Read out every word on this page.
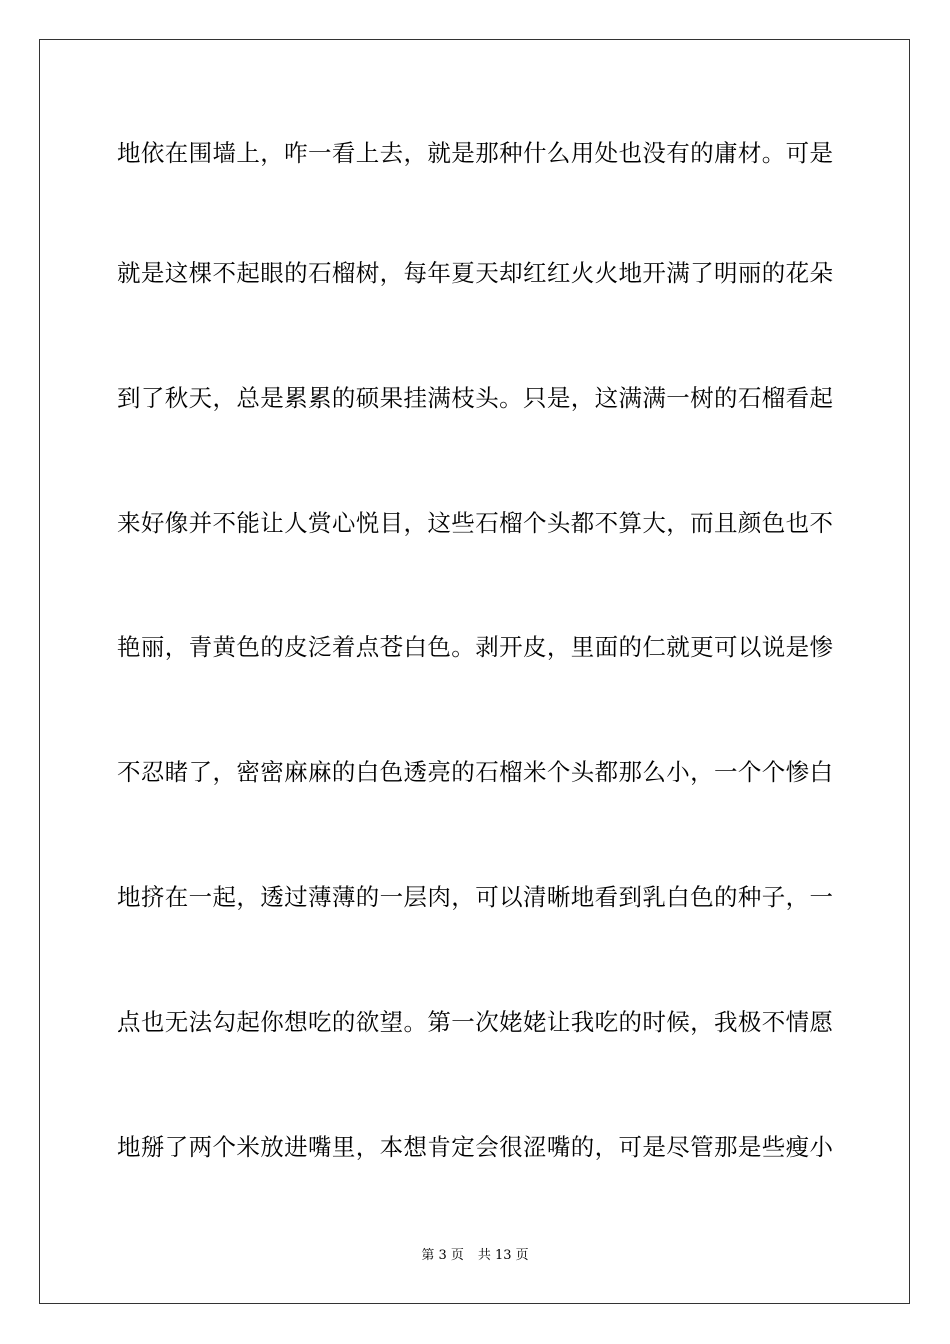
地依在围墙上，咋一看上去，就是那种什么用处也没有的庸材。可是
就是这棵不起眼的石榴树，每年夏天却红红火火地开满了明丽的花朵
到了秋天，总是累累的硕果挂满枝头。只是，这满满一树的石榴看起
来好像并不能让人赏心悦目，这些石榴个头都不算大，而且颜色也不
艳丽，青黄色的皮泛着点苍白色。剥开皮，里面的仁就更可以说是惨
不忍睹了，密密麻麻的白色透亮的石榴米个头都那么小，一个个惨白
地挤在一起，透过薄薄的一层肉，可以清晰地看到乳白色的种子，一
点也无法勾起你想吃的欲望。第一次姥姥让我吃的时候，我极不情愿
地掰了两个米放进嘴里，本想肯定会很涩嘴的，可是尽管那是些瘦小
第 3 页 共 13 页
